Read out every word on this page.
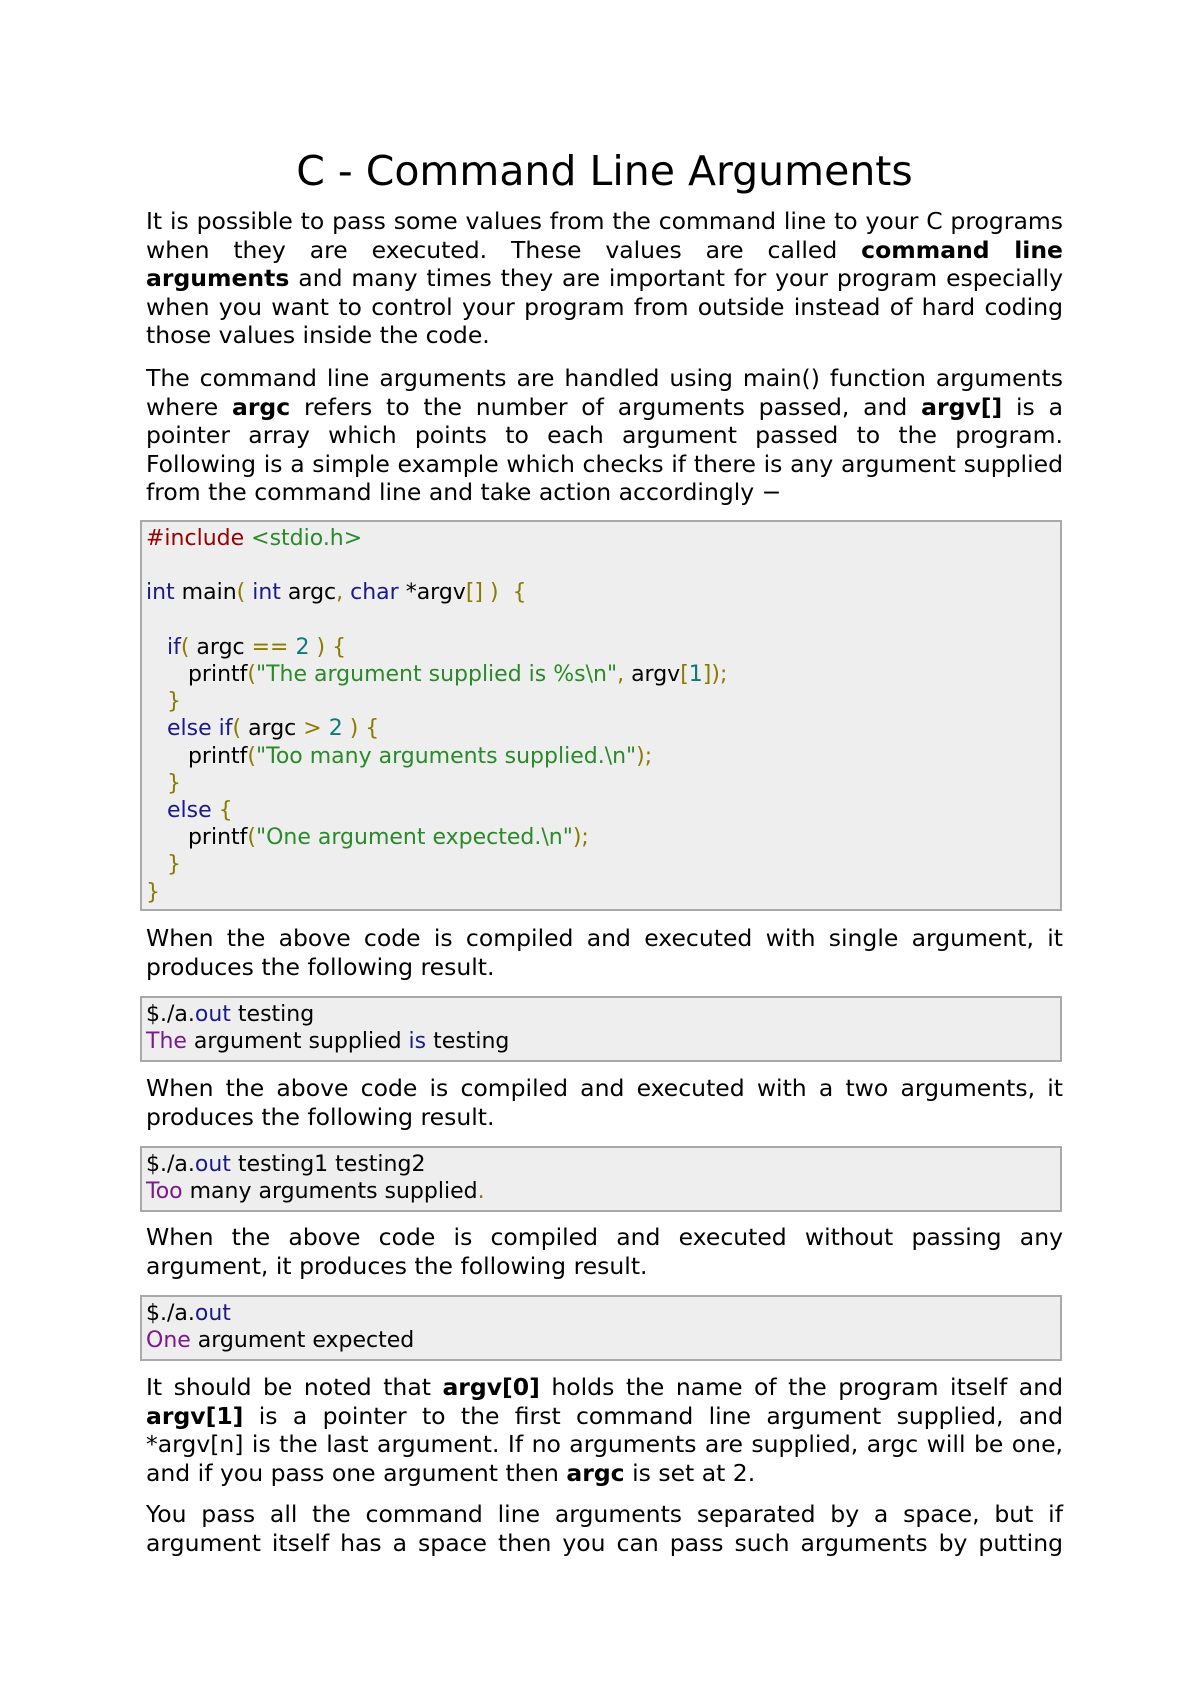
C - Command Line Arguments

It is possible to pass some values from the command line to your C programs when they are executed. These values are called command line arguments and many times they are important for your program especially when you want to control your program from outside instead of hard coding those values inside the code.

The command line arguments are handled using main() function arguments where argc refers to the number of arguments passed, and argv[] is a pointer array which points to each argument passed to the program. Following is a simple example which checks if there is any argument supplied from the command line and take action accordingly −

#include <stdio.h>

int main( int argc, char *argv[] )  {

if( argc == 2 ) {
printf("The argument supplied is %s\n", argv[1]);
}
else if( argc > 2 ) {
printf("Too many arguments supplied.\n");
}
else {
printf("One argument expected.\n");
}
}

When the above code is compiled and executed with single argument, it produces the following result.

$./a.out testing
The argument supplied is testing

When the above code is compiled and executed with a two arguments, it produces the following result.

$./a.out testing1 testing2
Too many arguments supplied.

When the above code is compiled and executed without passing any argument, it produces the following result.

$./a.out
One argument expected

It should be noted that argv[0] holds the name of the program itself and argv[1] is a pointer to the first command line argument supplied, and *argv[n] is the last argument. If no arguments are supplied, argc will be one, and if you pass one argument then argc is set at 2.

You pass all the command line arguments separated by a space, but if argument itself has a space then you can pass such arguments by putting
